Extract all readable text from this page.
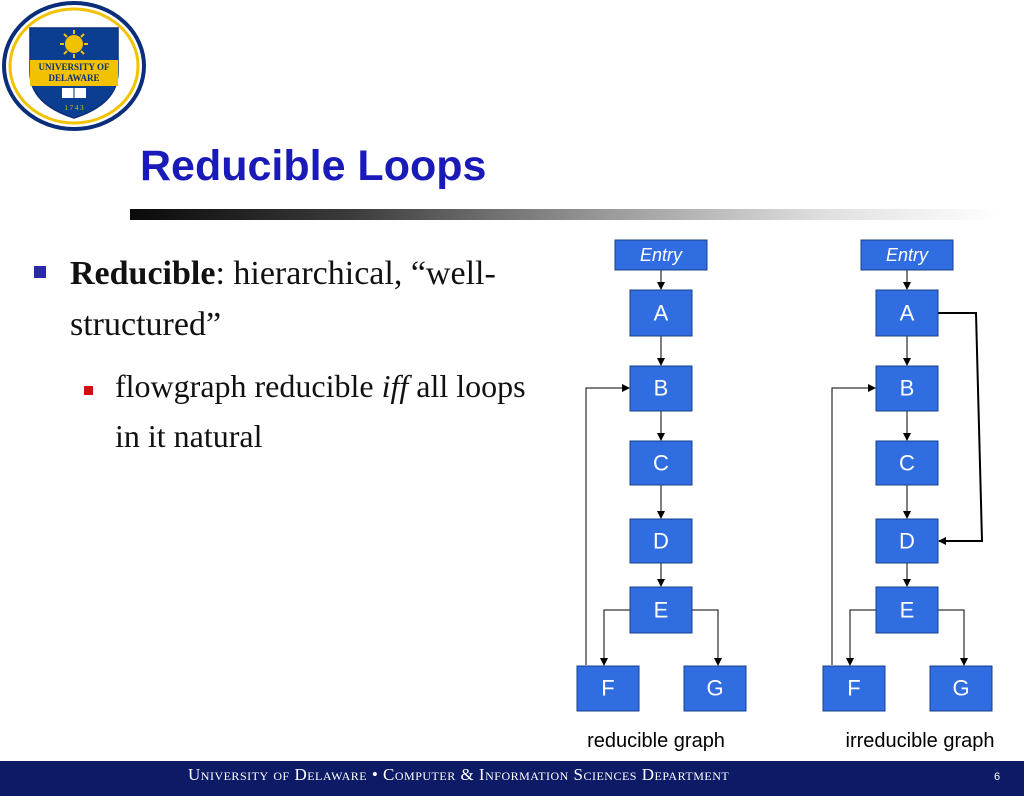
UNIVERSITY OF
DELAWARE
1 7 4 3
Reducible Loops
Reducible: hierarchical, “well-structured”
flowgraph reducible iff all loops in it natural
Entry
A
B
C
D
E
F	G
reducible graph
Entry
A
B
C
D
E
F	G
irreducible graph
University of Delaware • Computer & Information Sciences Department	6
